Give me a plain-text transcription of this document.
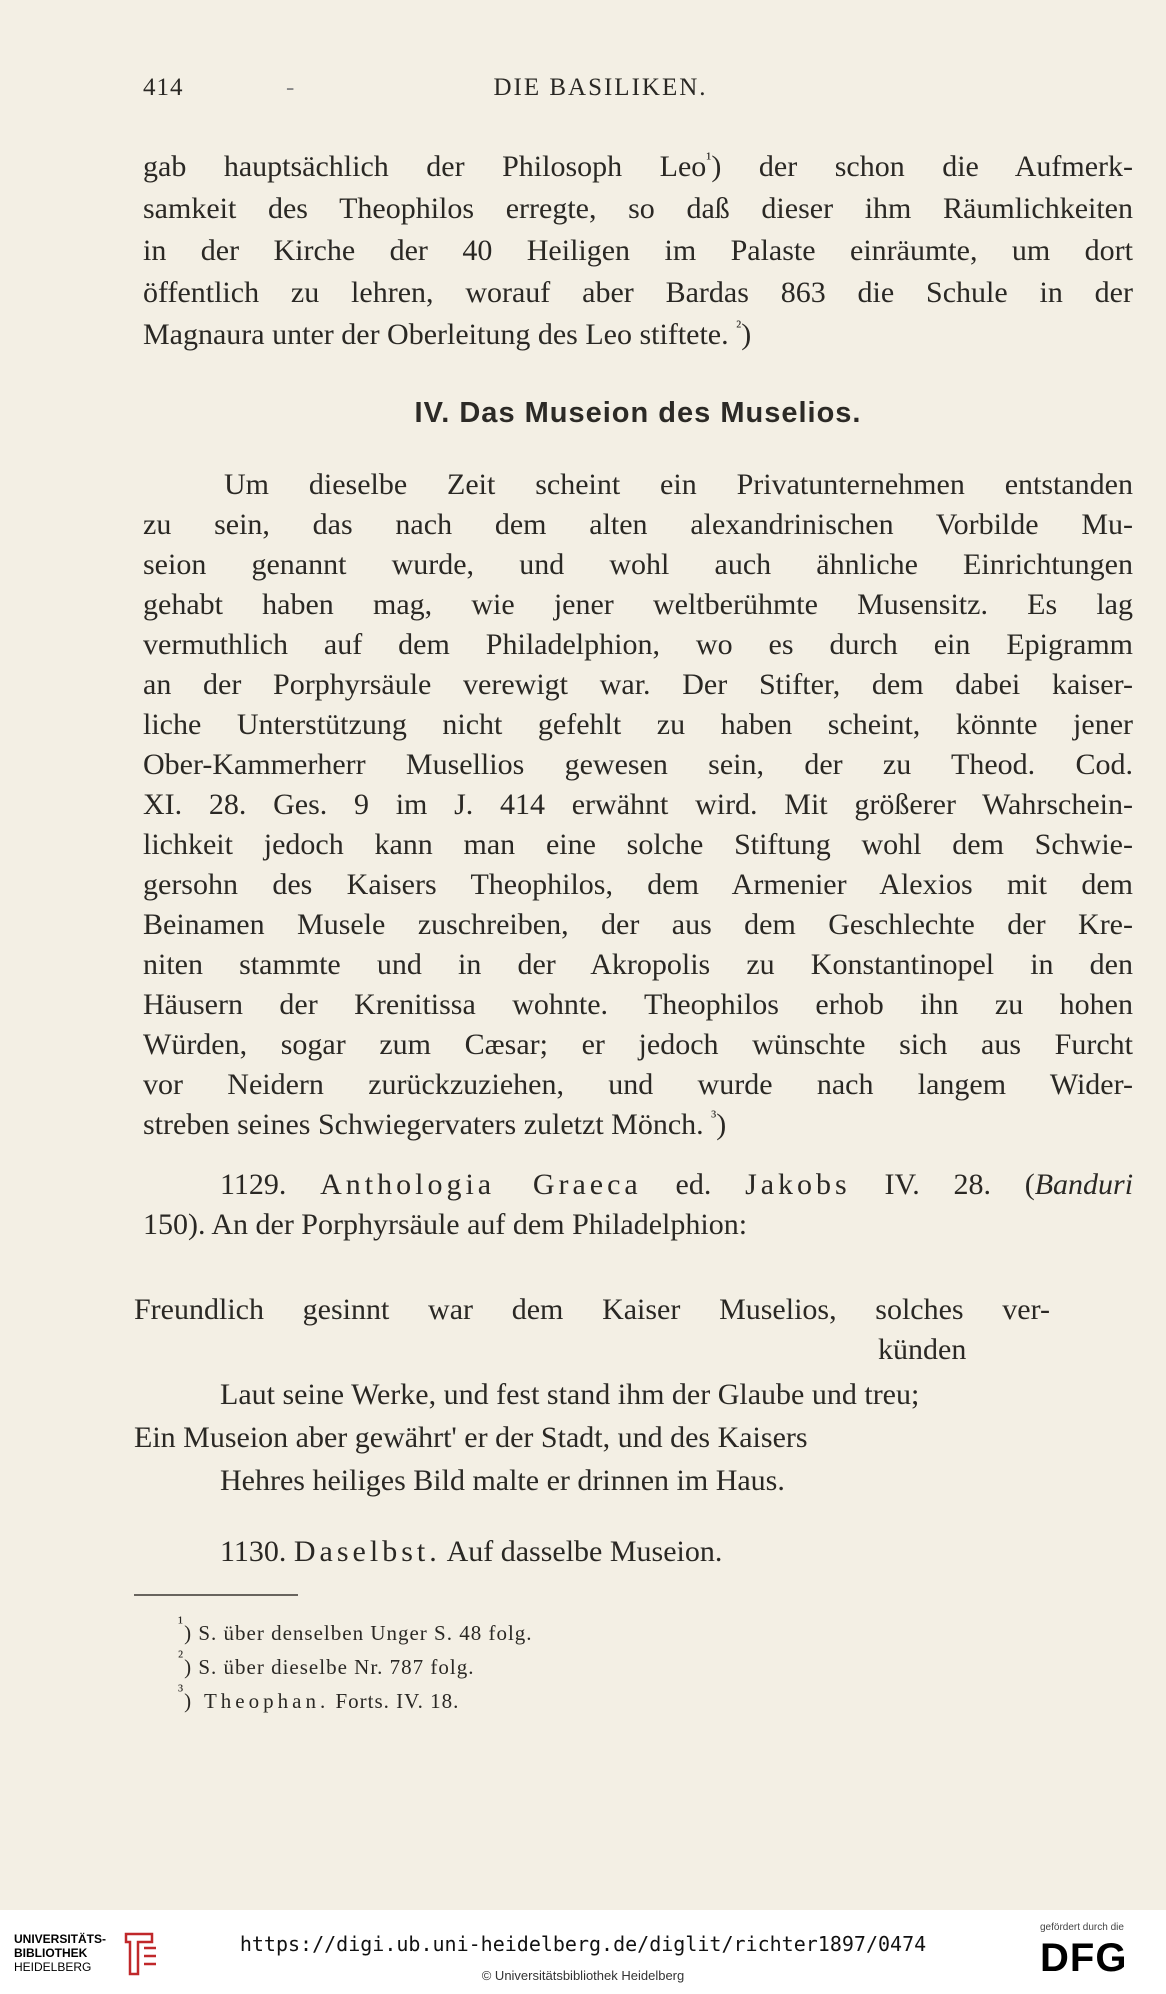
414	-	DIE BASILIKEN.
gab hauptsächlich der Philosoph Leo$^{^1}$) der schon die Aufmerk-
samkeit des Theophilos erregte, so daß dieser ihm Räumlichkeiten
in der Kirche der 40 Heiligen im Palaste einräumte, um dort
öffentlich zu lehren, worauf aber Bardas 863 die Schule in der
Magnaura unter der Oberleitung des Leo stiftete. $^{^2}$)
IV. Das Museion des Muselios.
Um dieselbe Zeit scheint ein Privatunternehmen entstanden
zu sein, das nach dem alten alexandrinischen Vorbilde Mu-
seion genannt wurde, und wohl auch ähnliche Einrichtungen
gehabt haben mag, wie jener weltberühmte Musensitz. Es lag
vermuthlich auf dem Philadelphion, wo es durch ein Epigramm
an der Porphyrsäule verewigt war. Der Stifter, dem dabei kaiser-
liche Unterstützung nicht gefehlt zu haben scheint, könnte jener
Ober-Kammerherr Musellios gewesen sein, der zu Theod. Cod.
XI. 28. Ges. 9 im J. 414 erwähnt wird. Mit größerer Wahrschein-
lichkeit jedoch kann man eine solche Stiftung wohl dem Schwie-
gersohn des Kaisers Theophilos, dem Armenier Alexios mit dem
Beinamen Musele zuschreiben, der aus dem Geschlechte der Kre-
niten stammte und in der Akropolis zu Konstantinopel in den
Häusern der Krenitissa wohnte. Theophilos erhob ihn zu hohen
Würden, sogar zum Cæsar; er jedoch wünschte sich aus Furcht
vor Neidern zurückzuziehen, und wurde nach langem Wider-
streben seines Schwiegervaters zuletzt Mönch. $^{^3}$)
1129. Anthologia Graeca ed. Jakobs IV. 28. (Banduri
150). An der Porphyrsäule auf dem Philadelphion:
Freundlich gesinnt war dem Kaiser Muselios, solches ver-
künden
Laut seine Werke, und fest stand ihm der Glaube und treu;
Ein Museion aber gewährt' er der Stadt, und des Kaisers
Hehres heiliges Bild malte er drinnen im Haus.
1130. Daselbst. Auf dasselbe Museion.
$^{^1}$) S. über denselben Unger S. 48 folg.
$^{^2}$) S. über dieselbe Nr. 787 folg.
$^{^3}$) Theophan. Forts. IV. 18.
UNIVERSITÄTS-
BIBLIOTHEK
HEIDELBERG
https://digi.ub.uni-heidelberg.de/diglit/richter1897/0474
© Universitätsbibliothek Heidelberg
gefördert durch die
DFG
